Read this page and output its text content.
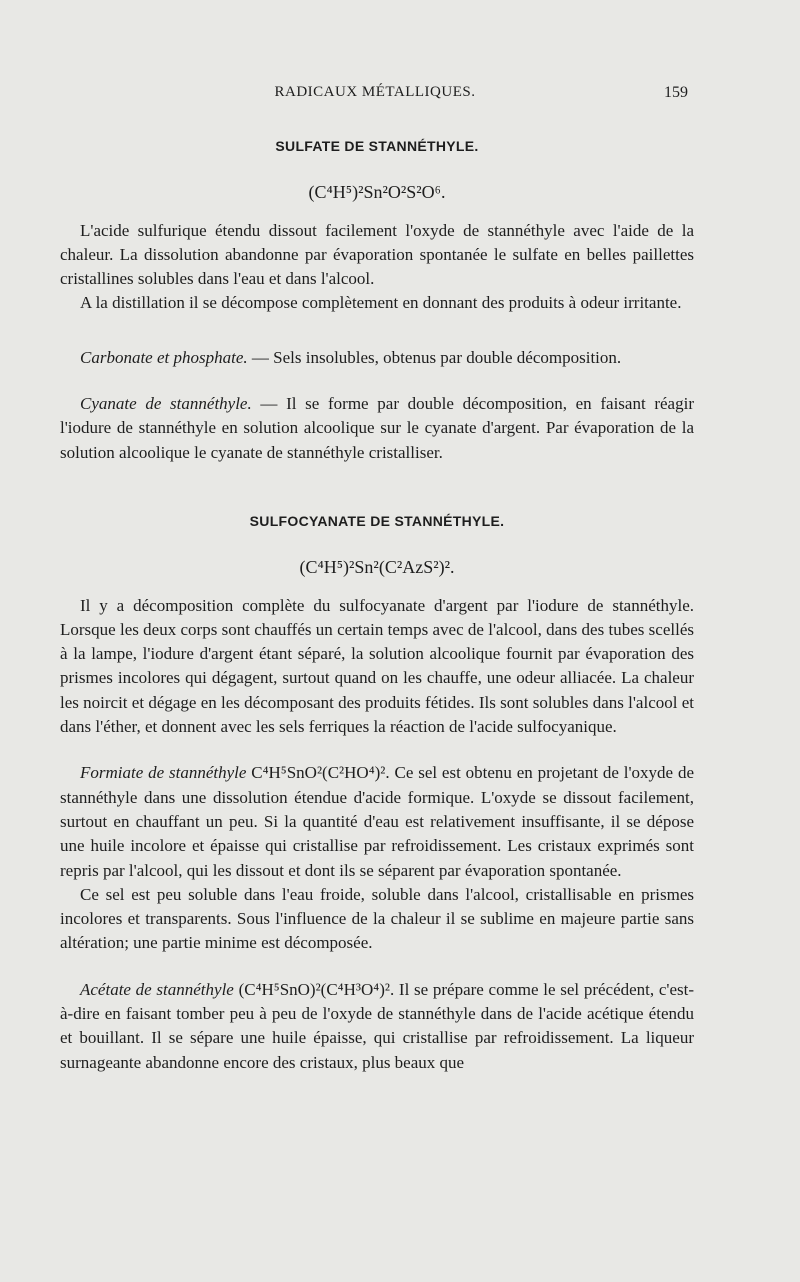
RADICAUX MÉTALLIQUES.	159
SULFATE DE STANNÉTHYLE.
(C⁴H⁵)²Sn²O²S²O⁶.

L'acide sulfurique étendu dissout facilement l'oxyde de stannéthyle avec l'aide de la chaleur. La dissolution abandonne par évaporation spontanée le sulfate en belles paillettes cristallines solubles dans l'eau et dans l'alcool.

A la distillation il se décompose complètement en donnant des produits à odeur irritante.

Carbonate et phosphate. — Sels insolubles, obtenus par double décomposition.

Cyanate de stannéthyle. — Il se forme par double décomposition, en faisant réagir l'iodure de stannéthyle en solution alcoolique sur le cyanate d'argent. Par évaporation de la solution alcoolique le cyanate de stannéthyle cristalliser.

SULFOCYANATE DE STANNÉTHYLE.
(C⁴H⁵)²Sn²(C²AzS²)².

Il y a décomposition complète du sulfocyanate d'argent par l'iodure de stannéthyle. Lorsque les deux corps sont chauffés un certain temps avec de l'alcool, dans des tubes scellés à la lampe, l'iodure d'argent étant séparé, la solution alcoolique fournit par évaporation des prismes incolores qui dégagent, surtout quand on les chauffe, une odeur alliacée. La chaleur les noircit et dégage en les décomposant des produits fétides. Ils sont solubles dans l'alcool et dans l'éther, et donnent avec les sels ferriques la réaction de l'acide sulfocyanique.

Formiate de stannéthyle C⁴H⁵SnO²(C²HO⁴)². Ce sel est obtenu en projetant de l'oxyde de stannéthyle dans une dissolution étendue d'acide formique. L'oxyde se dissout facilement, surtout en chauffant un peu. Si la quantité d'eau est relativement insuffisante, il se dépose une huile incolore et épaisse qui cristallise par refroidissement. Les cristaux exprimés sont repris par l'alcool, qui les dissout et dont ils se séparent par évaporation spontanée.

Ce sel est peu soluble dans l'eau froide, soluble dans l'alcool, cristallisable en prismes incolores et transparents. Sous l'influence de la chaleur il se sublime en majeure partie sans altération; une partie minime est décomposée.

Acétate de stannéthyle (C⁴H⁵SnO)²(C⁴H³O⁴)². Il se prépare comme le sel précédent, c'est-à-dire en faisant tomber peu à peu de l'oxyde de stannéthyle dans de l'acide acétique étendu et bouillant. Il se sépare une huile épaisse, qui cristallise par refroidissement. La liqueur surnageante abandonne encore des cristaux, plus beaux que
